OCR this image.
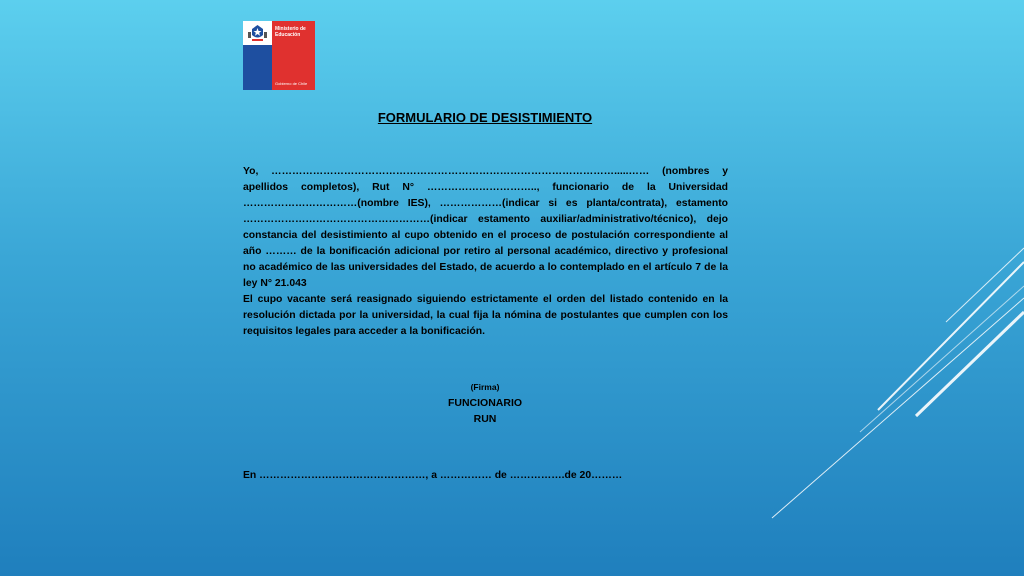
Ministerio de Educación
Gobierno de Chile
FORMULARIO DE DESISTIMIENTO

Yo, ……………………………………………………………………………………….....…… (nombres y apellidos completos), Rut N° ………………………….., funcionario de la Universidad ……………………………(nombre IES), ………………(indicar si es planta/contrata), estamento ………………………………………………(indicar estamento auxiliar/administrativo/técnico), dejo constancia del desistimiento al cupo obtenido en el proceso de postulación correspondiente al año ……… de la bonificación adicional por retiro al personal académico, directivo y profesional no académico de las universidades del Estado, de acuerdo a lo contemplado en el artículo 7 de la ley N° 21.043

El cupo vacante será reasignado siguiendo estrictamente el orden del listado contenido en la resolución dictada por la universidad, la cual fija la nómina de postulantes que cumplen con los requisitos legales para acceder a la bonificación.

(Firma)
FUNCIONARIO
RUN
En …………………………………………, a …………… de …………….de 20………
